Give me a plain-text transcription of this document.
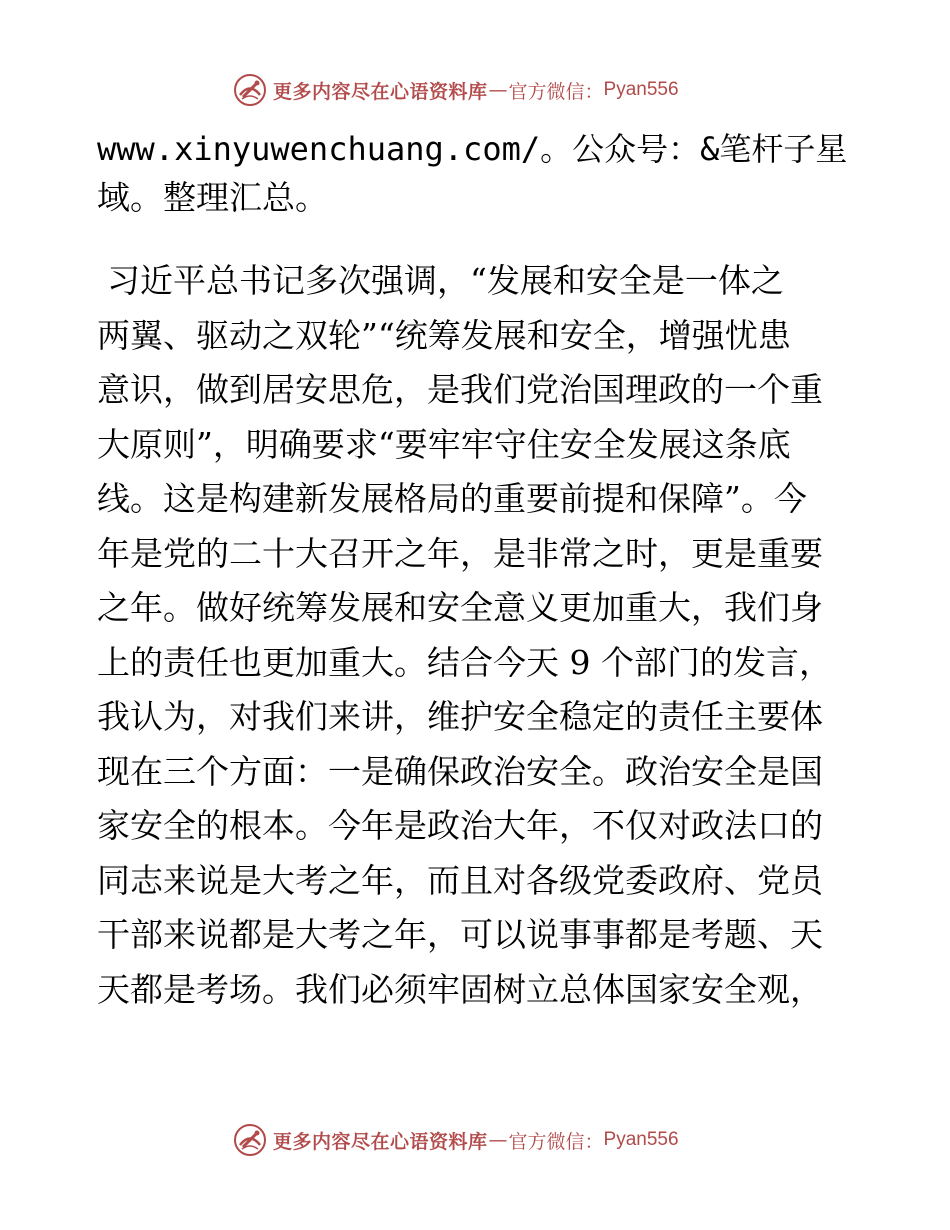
更多内容尽在心语资料库 — 官方微信： Pyan556
www.xinyuwenchuang.com/。公众号：&笔杆子星
域。整理汇总。
习近平总书记多次强调，“发展和安全是一体之
两翼、驱动之双轮”“统筹发展和安全，增强忧患
意识，做到居安思危，是我们党治国理政的一个重
大原则”，明确要求“要牢牢守住安全发展这条底
线。这是构建新发展格局的重要前提和保障”。今
年是党的二十大召开之年，是非常之时，更是重要
之年。做好统筹发展和安全意义更加重大，我们身
上的责任也更加重大。结合今天 9 个部门的发言，
我认为，对我们来讲，维护安全稳定的责任主要体
现在三个方面：一是确保政治安全。政治安全是国
家安全的根本。今年是政治大年，不仅对政法口的
同志来说是大考之年，而且对各级党委政府、党员
干部来说都是大考之年，可以说事事都是考题、天
天都是考场。我们必须牢固树立总体国家安全观，
更多内容尽在心语资料库 — 官方微信： Pyan556
